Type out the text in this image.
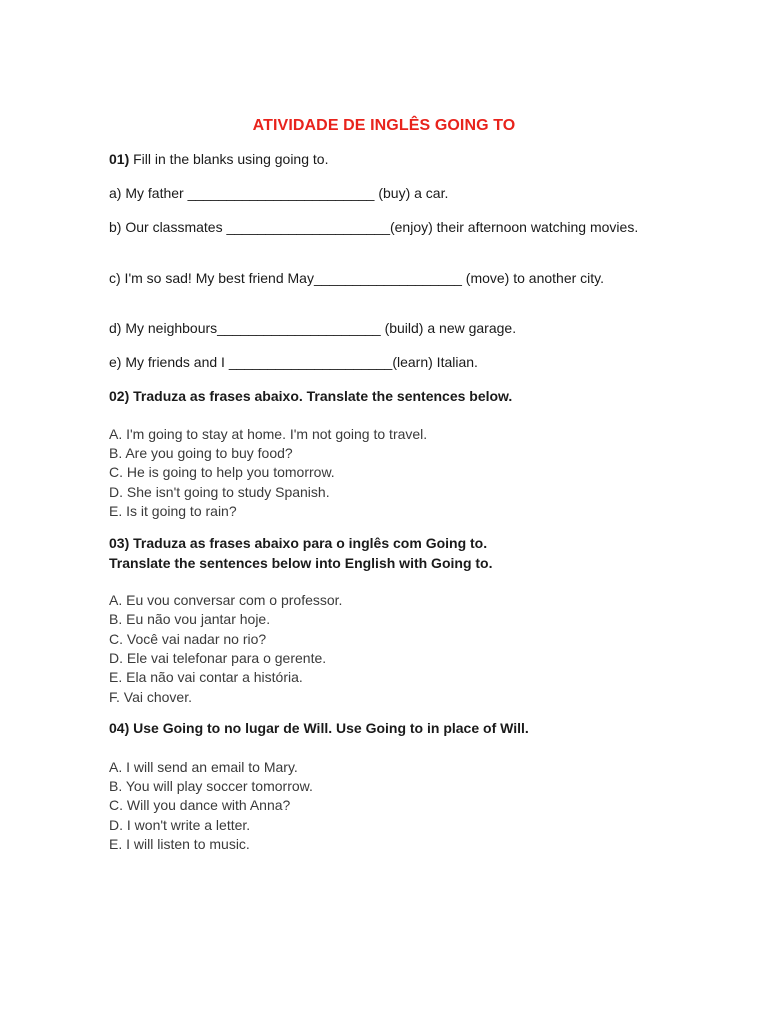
ATIVIDADE DE INGLÊS GOING TO
01) Fill in the blanks using going to.
a) My father ________________________ (buy) a car.
b) Our classmates _____________________(enjoy) their afternoon watching movies.
c) I'm so sad! My best friend May___________________ (move) to another city.
d) My neighbours_____________________ (build) a new garage.
e) My friends and I _____________________(learn) Italian.
02) Traduza as frases abaixo. Translate the sentences below.
A. I'm going to stay at home. I'm not going to travel.
B. Are you going to buy food?
C. He is going to help you tomorrow.
D. She isn't going to study Spanish.
E. Is it going to rain?
03) Traduza as frases abaixo para o inglês com Going to.
Translate the sentences below into English with Going to.
A. Eu vou conversar com o professor.
B. Eu não vou jantar hoje.
C. Você vai nadar no rio?
D. Ele vai telefonar para o gerente.
E. Ela não vai contar a história.
F. Vai chover.
04) Use Going to no lugar de Will. Use Going to in place of Will.
A. I will send an email to Mary.
B. You will play soccer tomorrow.
C. Will you dance with Anna?
D. I won't write a letter.
E. I will listen to music.
